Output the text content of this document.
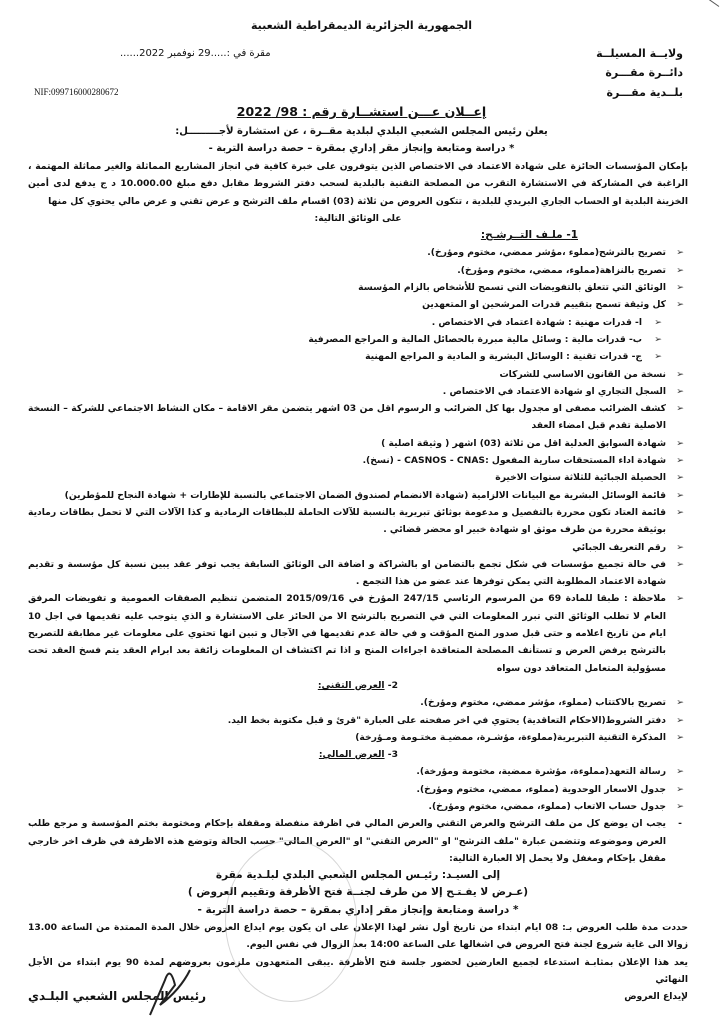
الجمهورية الجزائرية الديمقراطية الشعبية
مقرة في :.....29 نوفمبر 2022......	ولايــة المسيلــة
دائــرة مقـــرة
بلــدية مقـــرة
NIF:099716000280672
إعــلان عـــن استشــارة رقم : 98/ 2022
يعلن رئيس المجلس الشعبي البلدي لبلدية مقــرة ، عن استشارة لأجـــــــــل:
* دراسة ومتابعة وإنجاز مقر إداري بمقرة – حصة دراسة التربة -
بإمكان المؤسسات الحائزة على شهادة الاعتماد في الاختصاص الذين يتوفرون على خبرة كافية في انجاز المشاريع المماثلة والغير مماثلة المهتمة ، الراغبة في المشاركة في الاستشارة التقرب من المصلحة التقنية بالبلدية لسحب دفتر الشروط مقابل دفع مبلغ 10.000.00 د ج يدفع لدى أمين الخزينة البلدية او الحساب الجاري البريدي للبلدية ، تتكون العروض من ثلاثة (03) اقسام ملف الترشح و عرض تقني و عرض مالي يحتوي كل منها
على الوثائق التالية:
1- ملـف التــرشـح:
➢ تصريح بالترشح(مملوء ،مؤشر ممضي، مختوم ومؤرخ).
➢ تصريح بالنزاهة(مملوء، ممضي، مختوم ومؤرخ).
➢ الوثائق التي تتعلق بالتفويضات التي تسمح للأشخاص بالزام المؤسسة
➢ كل وثيقة تسمح بتقييم قدرات المرشحين او المتعهدين
➢ ا- قدرات مهنية : شهادة اعتماد في الاختصاص .
➢ ب- قدرات مالية : وسائل مالية مبررة بالحصائل المالية و المراجع المصرفية
➢ ج- قدرات تقنية : الوسائل البشرية و المادية و المراجع المهنية
➢ نسخة من القانون الاساسي للشركات
➢ السجل التجاري او شهادة الاعتماد في الاختصاص .
➢ كشف الضرائب مصفى او مجدول بها كل الضرائب و الرسوم اقل من 03 اشهر يتضمن مقر الاقامة – مكان النشاط الاجتماعي للشركة – النسخة الاصلية تقدم قبل امضاء العقد
➢ شهادة السوابق العدلية اقل من ثلاثة (03) اشهر ( وثيقة اصلية )
➢ شهادة اداء المستحقات سارية المفعول :CASNOS - CNAS - (نسخ).
➢ الحصيلة الجبائية للثلاثة سنوات الاخيرة
➢ قائمة الوسائل البشرية مع البيانات الالزامية (شهادة الانضمام لصندوق الضمان الاجتماعي بالنسبة للإطارات + شهادة النجاح للمؤطرين)
➢ قائمة العتاد تكون محررة بالتفصيل و مدعومة بوثائق تبريرية بالنسبة للآلات الحاملة للبطاقات الرمادية و كذا الآلات التي لا تحمل بطاقات رمادية بوثيقة محررة من طرف موثق او شهادة خبير او محضر قضائي .
➢ رقم التعريف الجبائي
➢ في حالة تجميع مؤسسات في شكل تجمع بالتضامن او بالشراكة و اضافة الى الوثائق السابقة يجب توفر عقد يبين نسبة كل مؤسسة و تقديم شهادة الاعتماد المطلوبة التي يمكن توفرها عند عضو من هذا التجمع .
➢ ملاحظة : طبقا للمادة 69 من المرسوم الرئاسي 247/15 المؤرخ في 2015/09/16 المتضمن تنظيم الصفقات العمومية و تفويضات المرفق العام لا تطلب الوثائق التي تبرر المعلومات التي في التصريح بالترشح الا من الحائز على الاستشارة و الذي يتوجب عليه تقديمها في اجل 10 ايام من تاريخ اعلامه و حتى قبل صدور المنح المؤقت و في حالة عدم تقديمها في الآجال و تبين انها تحتوي على معلومات غير مطابقة للتصريح بالترشح يرفض العرض و تستأنف المصلحة المتعاقدة اجراءات المنح و اذا تم اكتشاف ان المعلومات زائفة بعد ابرام العقد يتم فسخ العقد تحت مسؤولية المتعامل المتعاقد دون سواه
2- العرض التقني:
➢ تصريح بالاكتتاب (مملوء، مؤشر ممضي، مختوم ومؤرخ).
➢ دفتر الشروط(الاحكام التعاقدية) يحتوي في اخر صفحته على العبارة "قرئ و قبل مكتوبة بخط اليد.
➢ المذكرة التقنية التبريرية(مملوءة، مؤشـرة، ممضيـة مختـومة ومـؤرخة)
3- العرض المالي:
➢ رسالة التعهد(مملوءة، مؤشرة ممضية، مختومة ومؤرخة).
➢ جدول الاسعار الوحدوية (مملوء، ممضي، مختوم ومؤرخ).
➢ جدول حساب الاتعاب (مملوء، ممضي، مختوم ومؤرخ).
- يجب ان يوضع كل من ملف الترشح والعرض التقني والعرض المالي في اظرفة منفصلة ومقفلة بإحكام ومختومة بختم المؤسسة و مرجع طلب العرض وموضوعه وتتضمن عبارة "ملف الترشح" او "العرض التقني" او "العرض المالي" حسب الحالة وتوضع هذه الاظرفة في ظرف اخر خارجي مقفل بإحكام ومغفل ولا يحمل إلا العبارة التالية:
إلى السيـد: رئيـس المجلس الشعبي البلدي لبلـدية مقرة
(عـرض لا يفـتـح إلا من طرف لجنــة فتح الأظرفة وتقييم العروض )
* دراسة ومتابعة وإنجاز مقر إداري بمقرة – حصة دراسة التربة -
حددت مدة طلب العروض بـ: 08 ايام ابتداء من تاريخ أول نشر لهذا الإعلان على ان يكون يوم ايداع العروض خلال المدة الممتدة من الساعة 13.00 زوالا الى غاية شروع لجنة فتح العروض في اشغالها على الساعة 14:00 بعد الزوال في نفس اليوم.
يعد هذا الإعلان بمثابـة استدعاء لجميع العارضين لحضور جلسة فتح الأظرفة .يبقى المتعهدون ملزمون بعروضهم لمدة 90 يوم ابتداء من الأجل النهائي
لإيداع العروض
رئيس المجلس الشعبي البلـدي
